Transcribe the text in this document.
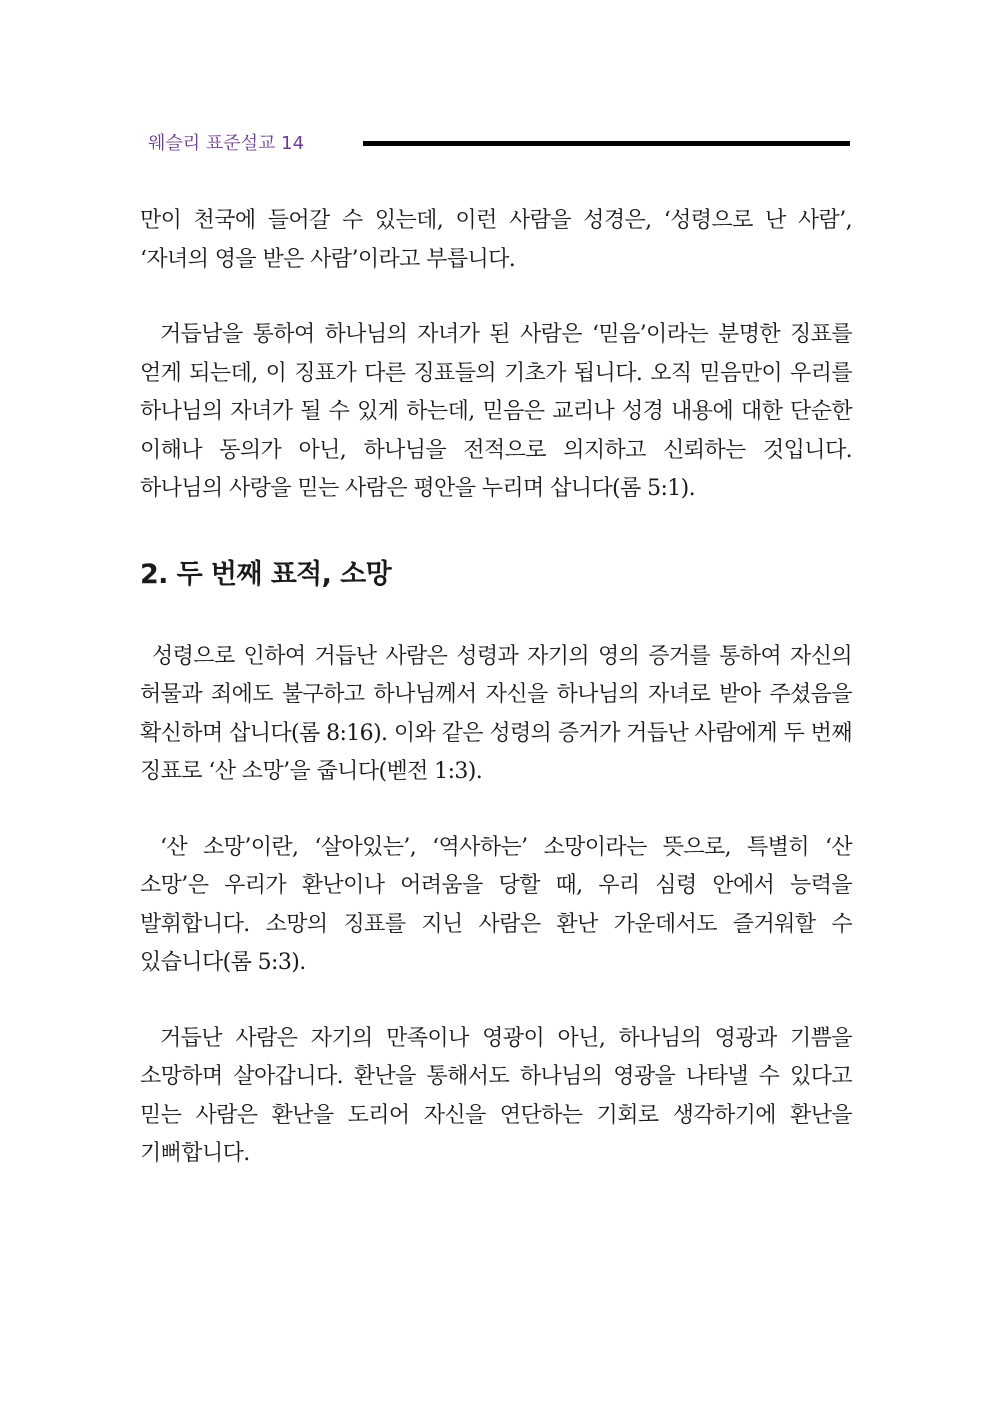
웨슬리 표준설교 14

만이 천국에 들어갈 수 있는데, 이런 사람을 성경은, ‘성령으로 난 사람’, ‘자녀의 영을 받은 사람’이라고 부릅니다.

거듭남을 통하여 하나님의 자녀가 된 사람은 ‘믿음’이라는 분명한 징표를 얻게 되는데, 이 징표가 다른 징표들의 기초가 됩니다. 오직 믿음만이 우리를 하나님의 자녀가 될 수 있게 하는데, 믿음은 교리나 성경 내용에 대한 단순한 이해나 동의가 아닌, 하나님을 전적으로 의지하고 신뢰하는 것입니다. 하나님의 사랑을 믿는 사람은 평안을 누리며 삽니다(롬 5:1).

2. 두 번째 표적, 소망

성령으로 인하여 거듭난 사람은 성령과 자기의 영의 증거를 통하여 자신의 허물과 죄에도 불구하고 하나님께서 자신을 하나님의 자녀로 받아 주셨음을 확신하며 삽니다(롬 8:16). 이와 같은 성령의 증거가 거듭난 사람에게 두 번째 징표로 ‘산 소망’을 줍니다(벧전 1:3).

‘산 소망’이란, ‘살아있는’, ‘역사하는’ 소망이라는 뜻으로, 특별히 ‘산 소망’은 우리가 환난이나 어려움을 당할 때, 우리 심령 안에서 능력을 발휘합니다. 소망의 징표를 지닌 사람은 환난 가운데서도 즐거워할 수 있습니다(롬 5:3).

거듭난 사람은 자기의 만족이나 영광이 아닌, 하나님의 영광과 기쁨을 소망하며 살아갑니다. 환난을 통해서도 하나님의 영광을 나타낼 수 있다고 믿는 사람은 환난을 도리어 자신을 연단하는 기회로 생각하기에 환난을 기뻐합니다.
